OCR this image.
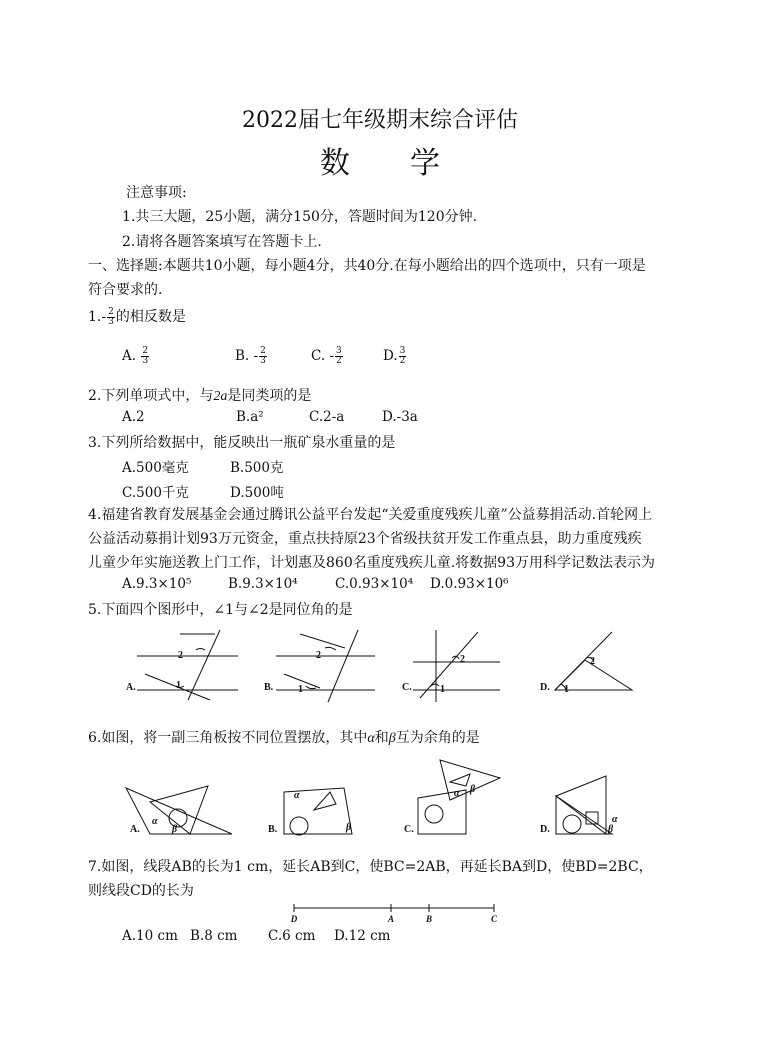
2022届七年级期末综合评估
数　　学
注意事项:
1.共三大题，25小题，满分150分，答题时间为120分钟.
2.请将各题答案填写在答题卡上.
一、选择题:本题共10小题，每小题4分，共40分.在每小题给出的四个选项中，只有一项是
符合要求的.
$1.- \frac{2}{3}$ 的相反数是
A. $\frac{2}{3}$	B. - $\frac{2}{3}$	C. - $\frac{3}{2}$	D. $\frac{3}{2}$
2.下列单项式中，与2a是同类项的是
A.2	B.a²	C.2-a	D.-3a
3.下列所给数据中，能反映出一瓶矿泉水重量的是
A.500毫克	B.500克
C.500千克	D.500吨
4.福建省教育发展基金会通过腾讯公益平台发起“关爱重度残疾儿童”公益募捐活动.首轮网上
公益活动募捐计划93万元资金，重点扶持原23个省级扶贫开发工作重点县，助力重度残疾
儿童少年实施送教上门工作，计划惠及860名重度残疾儿童.将数据93万用科学记数法表示为
A.9.3×10⁵	B.9.3×10⁴	C.0.93×10⁴ D.0.93×10⁶
5.下面四个图形中，∠1与∠2是同位角的是
A.	B.	C.	D.
2
1
2
1
2
1
2
1
6.如图，将一副三角板按不同位置摆放，其中α和β互为余角的是
A.	B.	C.	D.
α
β
α
β
α β
α
β
7.如图，线段AB的长为1 cm，延长AB到C，使BC=2AB，再延长BA到D，使BD=2BC，
则线段CD的长为
D	A	B	C
A.10 cm B.8 cm C.6 cm D.12 cm
